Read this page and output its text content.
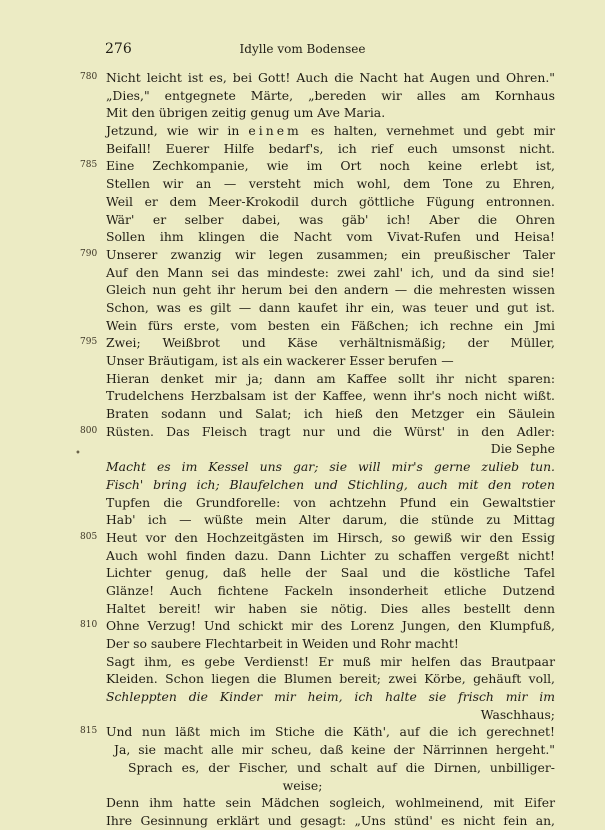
276	Idylle vom Bodensee
780 Nicht leicht ist es, bei Gott! Auch die Nacht hat Augen und Ohren."
„Dies," entgegnete Märte, „bereden wir alles am Kornhaus
Mit den übrigen zeitig genug um Ave Maria.
Jetzund, wie wir in einem es halten, vernehmet und gebt mir
Beifall! Euerer Hilfe bedarf's, ich rief euch umsonst nicht.
785 Eine Zechkompanie, wie im Ort noch keine erlebt ist,
Stellen wir an — versteht mich wohl, dem Tone zu Ehren,
Weil er dem Meer-Krokodil durch göttliche Fügung entronnen.
Wär' er selber dabei, was gäb' ich! Aber die Ohren
Sollen ihm klingen die Nacht vom Vivat-Rufen und Heisa!
790 Unserer zwanzig wir legen zusammen; ein preußischer Taler
Auf den Mann sei das mindeste: zwei zahl' ich, und da sind sie!
Gleich nun geht ihr herum bei den andern — die mehresten wissen
Schon, was es gilt — dann kaufet ihr ein, was teuer und gut ist.
Wein fürs erste, vom besten ein Fäßchen; ich rechne ein Jmi
795 Zwei; Weißbrot und Käse verhältnismäßig; der Müller,
Unser Bräutigam, ist als ein wackerer Esser berufen —
Hieran denket mir ja; dann am Kaffee sollt ihr nicht sparen:
Trudelchens Herzbalsam ist der Kaffee, wenn ihr's noch nicht wißt.
Braten sodann und Salat; ich hieß den Metzger ein Säulein
800 Rüsten. Das Fleisch tragt nur und die Würst' in den Adler:
Die Sephe
Macht es im Kessel uns gar; sie will mir's gerne zulieb tun.
Fisch' bring ich; Blaufelchen und Stichling, auch mit den roten
Tupfen die Grundforelle: von achtzehn Pfund ein Gewaltstier
Hab' ich — wüßte mein Alter darum, die stünde zu Mittag
805 Heut vor den Hochzeitgästen im Hirsch, so gewiß wir den Essig
Auch wohl finden dazu. Dann Lichter zu schaffen vergeßt nicht!
Lichter genug, daß helle der Saal und die köstliche Tafel
Glänze! Auch fichtene Fackeln insonderheit etliche Dutzend
Haltet bereit! wir haben sie nötig. Dies alles bestellt denn
810 Ohne Verzug! Und schickt mir des Lorenz Jungen, den Klumpfuß,
Der so saubere Flechtarbeit in Weiden und Rohr macht!
Sagt ihm, es gebe Verdienst! Er muß mir helfen das Brautpaar
Kleiden. Schon liegen die Blumen bereit; zwei Körbe, gehäuft voll,
Schleppten die Kinder mir heim, ich halte sie frisch mir im
Waschhaus;
815 Und nun läßt mich im Stiche die Käth', auf die ich gerechnet!
Ja, sie macht alle mir scheu, daß keine der Närrinnen hergeht."
Sprach es, der Fischer, und schalt auf die Dirnen, unbilliger-
weise;
Denn ihm hatte sein Mädchen sogleich, wohlmeinend, mit Eifer
Ihre Gesinnung erklärt und gesagt: „Uns stünd' es nicht fein an,
•
